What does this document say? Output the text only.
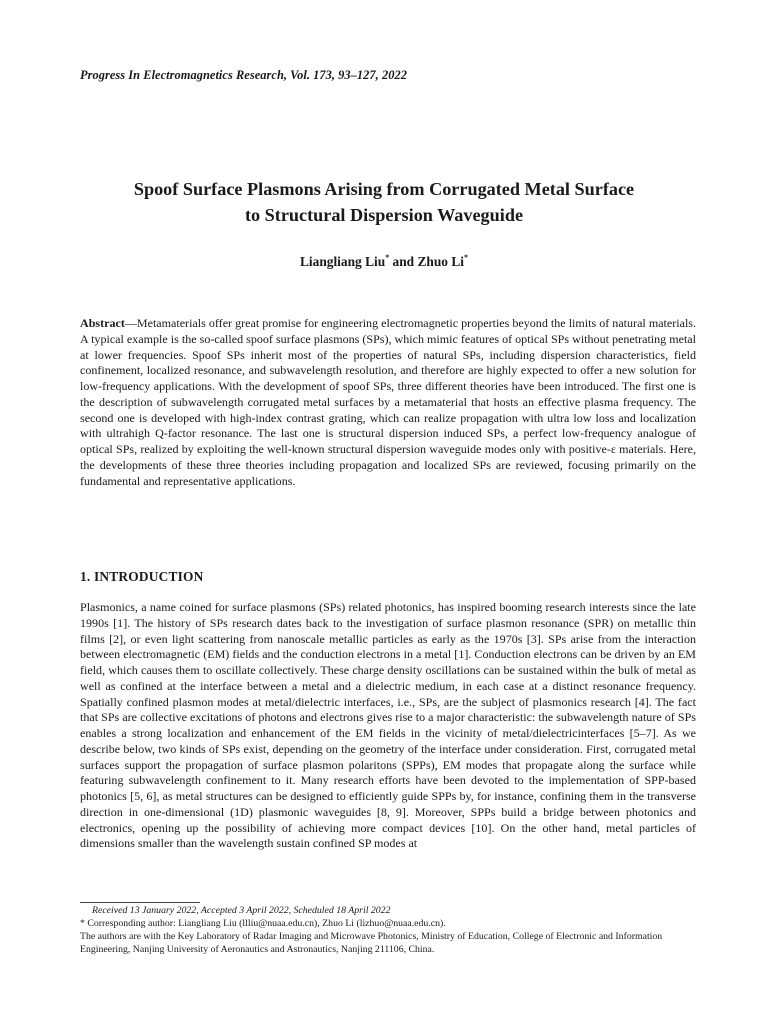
Progress In Electromagnetics Research, Vol. 173, 93–127, 2022
Spoof Surface Plasmons Arising from Corrugated Metal Surface
to Structural Dispersion Waveguide
Liangliang Liu* and Zhuo Li*
Abstract—Metamaterials offer great promise for engineering electromagnetic properties beyond the limits of natural materials. A typical example is the so-called spoof surface plasmons (SPs), which mimic features of optical SPs without penetrating metal at lower frequencies. Spoof SPs inherit most of the properties of natural SPs, including dispersion characteristics, field confinement, localized resonance, and subwavelength resolution, and therefore are highly expected to offer a new solution for low-frequency applications. With the development of spoof SPs, three different theories have been introduced. The first one is the description of subwavelength corrugated metal surfaces by a metamaterial that hosts an effective plasma frequency. The second one is developed with high-index contrast grating, which can realize propagation with ultra low loss and localization with ultrahigh Q-factor resonance. The last one is structural dispersion induced SPs, a perfect low-frequency analogue of optical SPs, realized by exploiting the well-known structural dispersion waveguide modes only with positive-ε materials. Here, the developments of these three theories including propagation and localized SPs are reviewed, focusing primarily on the fundamental and representative applications.
1. INTRODUCTION
Plasmonics, a name coined for surface plasmons (SPs) related photonics, has inspired booming research interests since the late 1990s [1]. The history of SPs research dates back to the investigation of surface plasmon resonance (SPR) on metallic thin films [2], or even light scattering from nanoscale metallic particles as early as the 1970s [3]. SPs arise from the interaction between electromagnetic (EM) fields and the conduction electrons in a metal [1]. Conduction electrons can be driven by an EM field, which causes them to oscillate collectively. These charge density oscillations can be sustained within the bulk of metal as well as confined at the interface between a metal and a dielectric medium, in each case at a distinct resonance frequency. Spatially confined plasmon modes at metal/dielectric interfaces, i.e., SPs, are the subject of plasmonics research [4]. The fact that SPs are collective excitations of photons and electrons gives rise to a major characteristic: the subwavelength nature of SPs enables a strong localization and enhancement of the EM fields in the vicinity of metal/dielectricinterfaces [5–7]. As we describe below, two kinds of SPs exist, depending on the geometry of the interface under consideration. First, corrugated metal surfaces support the propagation of surface plasmon polaritons (SPPs), EM modes that propagate along the surface while featuring subwavelength confinement to it. Many research efforts have been devoted to the implementation of SPP-based photonics [5, 6], as metal structures can be designed to efficiently guide SPPs by, for instance, confining them in the transverse direction in one-dimensional (1D) plasmonic waveguides [8, 9]. Moreover, SPPs build a bridge between photonics and electronics, opening up the possibility of achieving more compact devices [10]. On the other hand, metal particles of dimensions smaller than the wavelength sustain confined SP modes at
Received 13 January 2022, Accepted 3 April 2022, Scheduled 18 April 2022
* Corresponding author: Liangliang Liu (llliu@nuaa.edu.cn), Zhuo Li (lizhuo@nuaa.edu.cn).
The authors are with the Key Laboratory of Radar Imaging and Microwave Photonics, Ministry of Education, College of Electronic and Information Engineering, Nanjing University of Aeronautics and Astronautics, Nanjing 211106, China.
